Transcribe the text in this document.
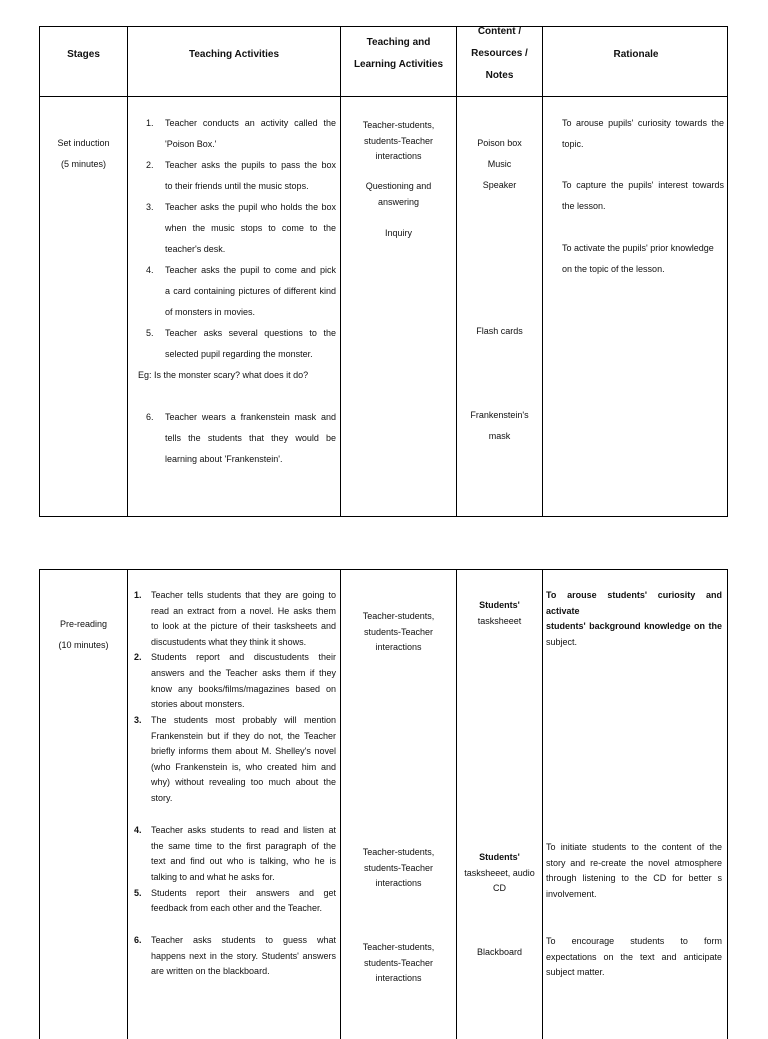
Stages	Teaching Activities
Teaching and
Learning Activities
Content /
Resources /
Notes
Rationale
Set induction
(5 minutes)
1. Teacher conducts an activity called the
'Poison Box.'
2. Teacher asks the pupils to pass the box
to their friends until the music stops.
3. Teacher asks the pupil who holds the box
when the music stops to come to the
teacher's desk.
4. Teacher asks the pupil to come and pick
a card containing pictures of different kind
of monsters in movies.
5. Teacher asks several questions to the
selected pupil regarding the monster.
Eg: Is the monster scary? what does it do?
6. Teacher wears a frankenstein mask and
tells the students that they would be
learning about 'Frankenstein'.
Teacher-students,
students-Teacher
interactions
Questioning and
answering
Inquiry
Poison box
Music
Speaker
Flash cards
Frankenstein's
mask
To arouse pupils' curiosity towards the
topic.
To capture the pupils' interest towards
the lesson.
To activate the pupils' prior knowledge
on the topic of the lesson.
Pre-reading
(10 minutes)
1. Teacher tells students that they are going to
read an extract from a novel. He asks them
to look at the picture of their tasksheets and
discustudents what they think it shows.
2. Students report and discustudents their
answers and the Teacher asks them if they
know any books/films/magazines based on
stories about monsters.
3. The students most probably will mention
Frankenstein but if they do not, the Teacher
briefly informs them about M. Shelley's novel
(who Frankenstein is, who created him and
why) without revealing too much about the
story.
4. Teacher asks students to read and listen at
the same time to the first paragraph of the
text and find out who is talking, who he is
talking to and what he asks for.
5. Students report their answers and get
feedback from each other and the Teacher.
6. Teacher asks students to guess what
happens next in the story. Students' answers
are written on the blackboard.
Teacher-students,
students-Teacher
interactions
Teacher-students,
students-Teacher
interactions
Teacher-students,
students-Teacher
interactions
Students'
tasksheeet
Students'
tasksheeet, audio
CD
Blackboard
To arouse students' curiosity and activate
students' background knowledge on the
subject.
To initiate students to the content of the
story and re-create the novel atmosphere
through listening to the CD for better s
involvement.
To encourage students to form
expectations on the text and anticipate
subject matter.
